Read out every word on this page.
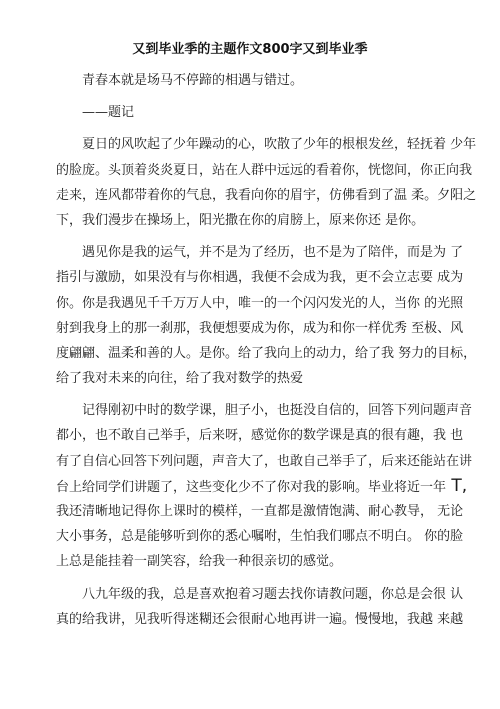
又到毕业季的主题作文800字又到毕业季
青春本就是场马不停蹄的相遇与错过。
——题记
夏日的风吹起了少年躁动的心，吹散了少年的根根发丝，轻抚着 少年
的脸庞。头顶着炎炎夏日，站在人群中远远的看着你，恍惚间，你正向我
走来，连风都带着你的气息，我看向你的眉宇，仿佛看到了温 柔。夕阳之
下，我们漫步在操场上，阳光撒在你的肩膀上，原来你还 是你。
遇见你是我的运气，并不是为了经历，也不是为了陪伴，而是为 了
指引与激励，如果没有与你相遇，我便不会成为我，更不会立志要 成为
你。你是我遇见千千万万人中，唯一的一个闪闪发光的人，当你 的光照
射到我身上的那一刹那，我便想要成为你，成为和你一样优秀 至极、风
度翩翩、温柔和善的人。是你。给了我向上的动力，给了我 努力的目标，
给了我对未来的向往，给了我对数学的热爱
记得刚初中时的数学课，胆子小，也挺没自信的，回答下列问题声音
都小，也不敢自己举手，后来呀，感觉你的数学课是真的很有趣，我 也
有了自信心回答下列问题，声音大了，也敢自己举手了，后来还能站在讲
台上给同学们讲题了，这些变化少不了你对我的影响。毕业将近一年 T,
我还清晰地记得你上课时的模样，一直都是激情饱满、耐心教导， 无论
大小事务，总是能够听到你的悉心嘱咐，生怕我们哪点不明白。 你的脸
上总是能挂着一副笑容，给我一种很亲切的感觉。
八九年级的我，总是喜欢抱着习题去找你请教问题，你总是会很 认
真的给我讲，见我听得迷糊还会很耐心地再讲一遍。慢慢地，我越 来越
